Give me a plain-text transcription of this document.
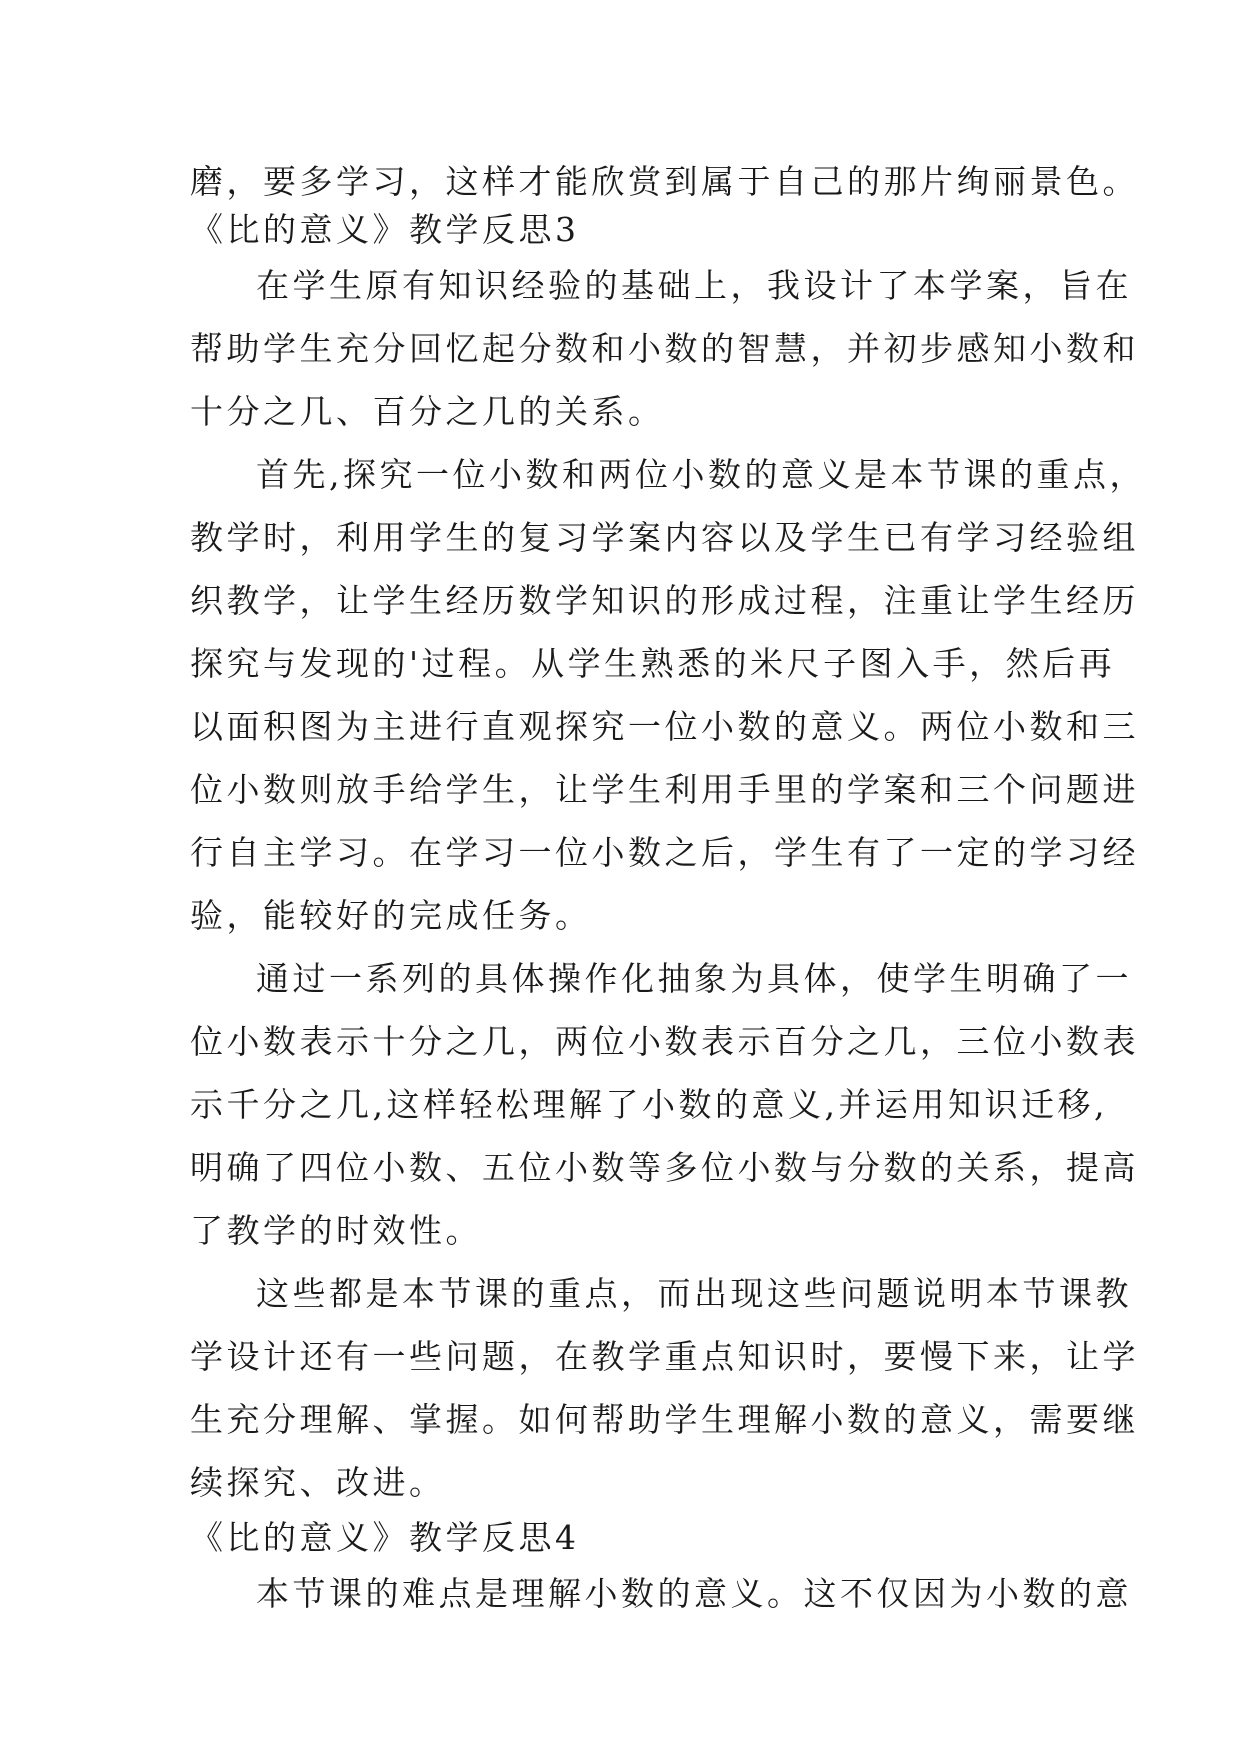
磨，要多学习，这样才能欣赏到属于自己的那片绚丽景色。
《比的意义》教学反思3
在学生原有知识经验的基础上，我设计了本学案，旨在
帮助学生充分回忆起分数和小数的智慧，并初步感知小数和
十分之几、百分之几的关系。
首先,探究一位小数和两位小数的意义是本节课的重点，
教学时，利用学生的复习学案内容以及学生已有学习经验组
织教学，让学生经历数学知识的形成过程，注重让学生经历
探究与发现的'过程。从学生熟悉的米尺子图入手，然后再
以面积图为主进行直观探究一位小数的意义。两位小数和三
位小数则放手给学生，让学生利用手里的学案和三个问题进
行自主学习。在学习一位小数之后，学生有了一定的学习经
验，能较好的完成任务。
通过一系列的具体操作化抽象为具体，使学生明确了一
位小数表示十分之几，两位小数表示百分之几，三位小数表
示千分之几,这样轻松理解了小数的意义,并运用知识迁移,
明确了四位小数、五位小数等多位小数与分数的关系，提高
了教学的时效性。
这些都是本节课的重点，而出现这些问题说明本节课教
学设计还有一些问题，在教学重点知识时，要慢下来，让学
生充分理解、掌握。如何帮助学生理解小数的意义，需要继
续探究、改进。
《比的意义》教学反思4
本节课的难点是理解小数的意义。这不仅因为小数的意
